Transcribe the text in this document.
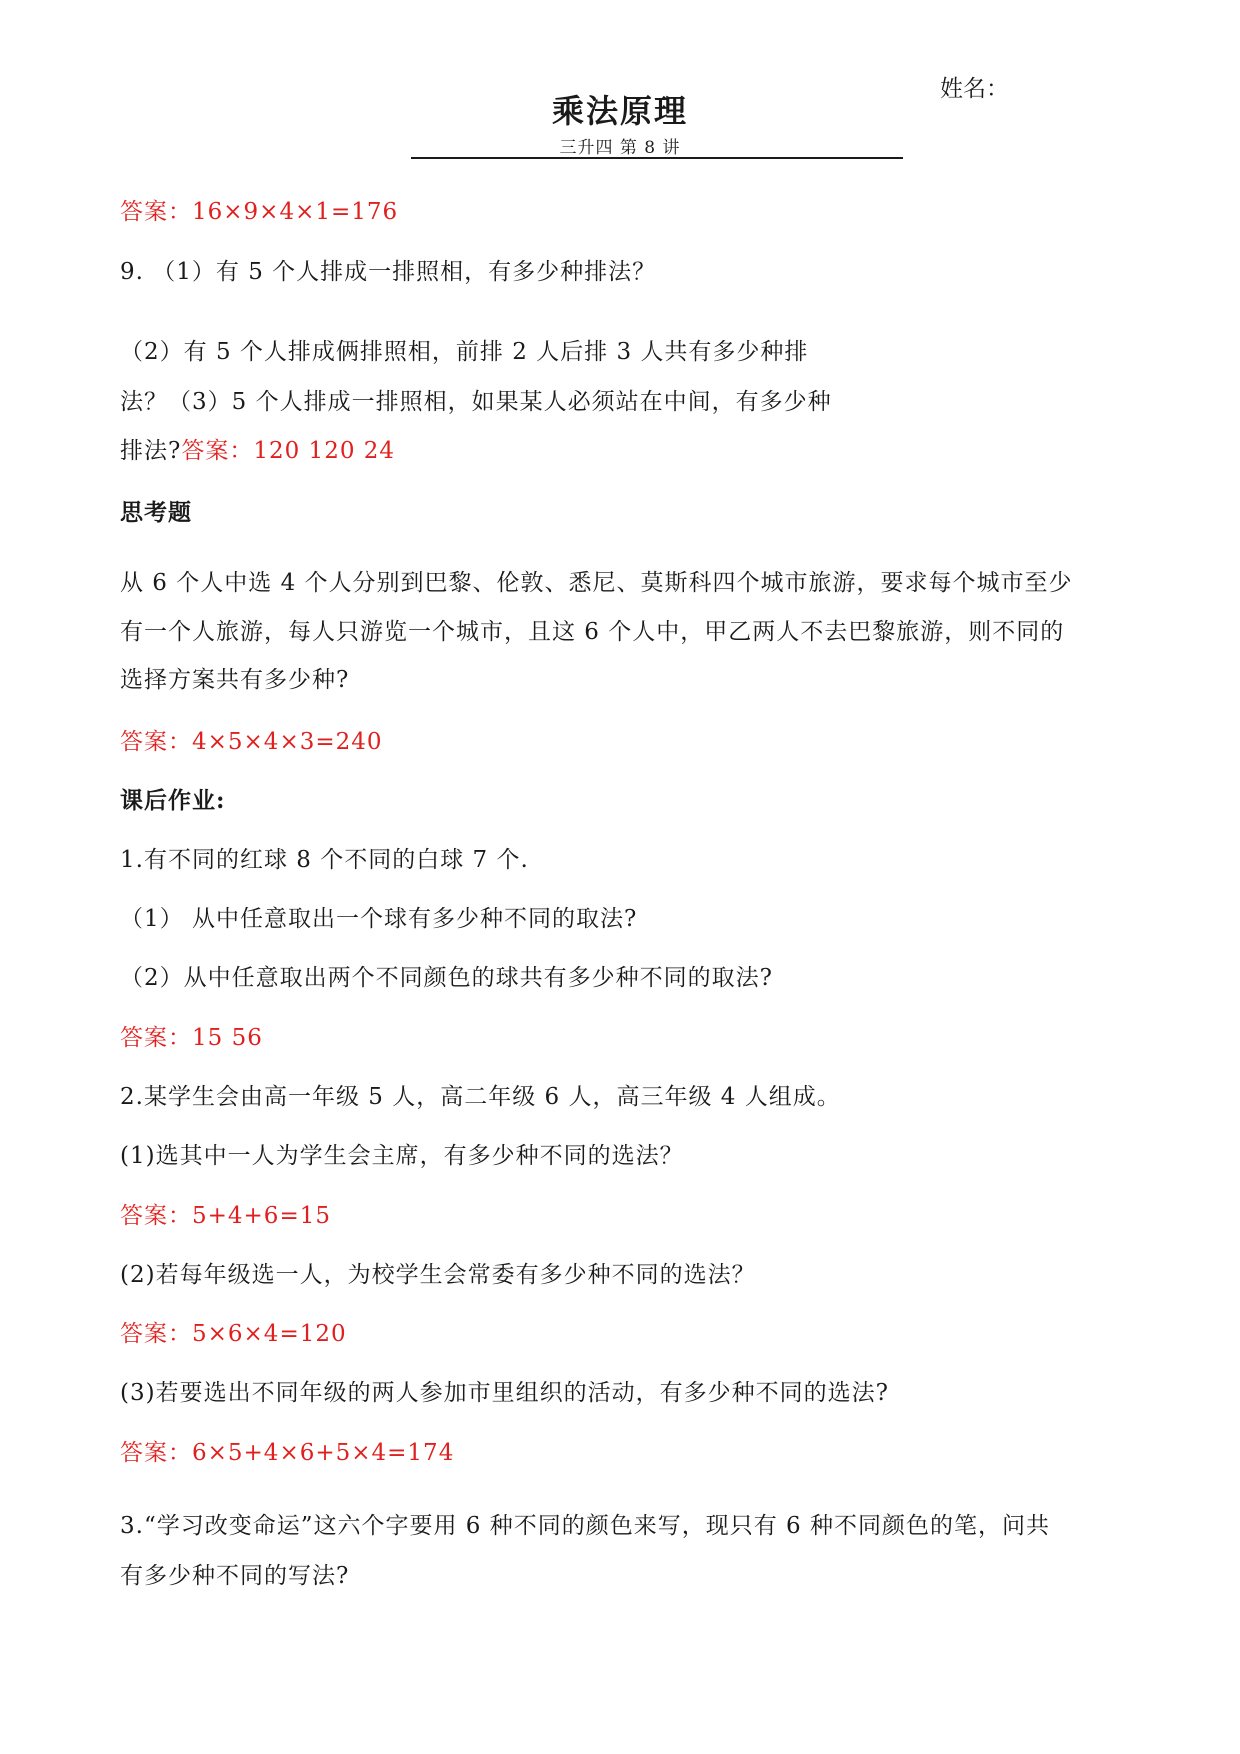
姓名：
乘法原理
三升四 第 8 讲
答案：16×9×4×1=176
9. （1）有 5 个人排成一排照相，有多少种排法？
（2）有 5 个人排成俩排照相，前排 2 人后排 3 人共有多少种排
法？（3）5 个人排成一排照相，如果某人必须站在中间，有多少种
排法?答案：120 120 24
思考题
从 6 个人中选 4 个人分别到巴黎、伦敦、悉尼、莫斯科四个城市旅游，要求每个城市至少
有一个人旅游，每人只游览一个城市，且这 6 个人中，甲乙两人不去巴黎旅游，则不同的
选择方案共有多少种?
答案：4×5×4×3=240
课后作业:
1.有不同的红球 8 个不同的白球 7 个.
（1） 从中任意取出一个球有多少种不同的取法?
（2）从中任意取出两个不同颜色的球共有多少种不同的取法?
答案：15 56
2.某学生会由高一年级 5 人，高二年级 6 人，高三年级 4 人组成。
(1)选其中一人为学生会主席，有多少种不同的选法？
答案：5+4+6=15
(2)若每年级选一人，为校学生会常委有多少种不同的选法？
答案：5×6×4=120
(3)若要选出不同年级的两人参加市里组织的活动，有多少种不同的选法?
答案：6×5+4×6+5×4=174
3.“学习改变命运”这六个字要用 6 种不同的颜色来写，现只有 6 种不同颜色的笔，问共
有多少种不同的写法?
